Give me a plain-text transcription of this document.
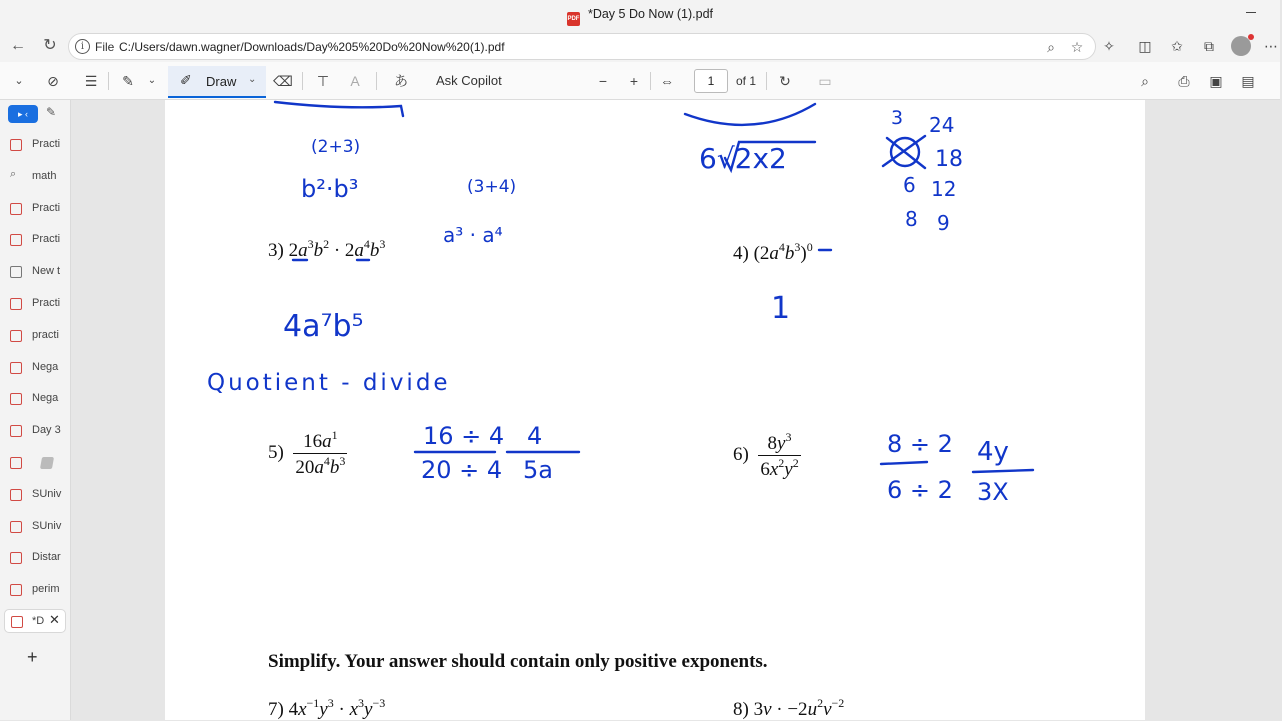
PDF *Day 5 Do Now (1).pdf
←	↻	i File C:/Users/dawn.wagner/Downloads/Day%205%20Do%20Now%20(1).pdf	⌕	☆	✧	◫	✩	⧉	⋯
⌄	⊘	☰	✎	⌄	✐ Draw ⌄ ⌫	⊤	A	あ	Ask Copilot	−	+	⇔	1	of 1	↻	▭	⌕	⎙	▣	▤
▸ ‹	✎
Practi
⌕	math
Practi
Practi
New t
Practi
practi
Nega
Nega
Day 3
SUniv
SUniv
Distar
perim
*D ✕
+
3) $2a^3b^2 \cdot 2a^4b^3$	4) $(2a^4b^3)^0$
$5) \frac{16a^1}{20a^4b^3}$	$6) \frac{8y^3}{6x^2y^2}$
Simplify. Your answer should contain only positive exponents.
7) $4x^{-1}y^3 \cdot x^3y^{-3}$	8) $3v \cdot -2u^2v^{-2}$
(2+3)
b²·b³	(3+4)
a³ · a⁴
4a⁷b⁵
Quotient - divide
1
16 ÷ 4
20 ÷ 4
4
5a
8 ÷ 2
6 ÷ 2
4y
3X
6√2x2
3
6
8
24
18
12
9
